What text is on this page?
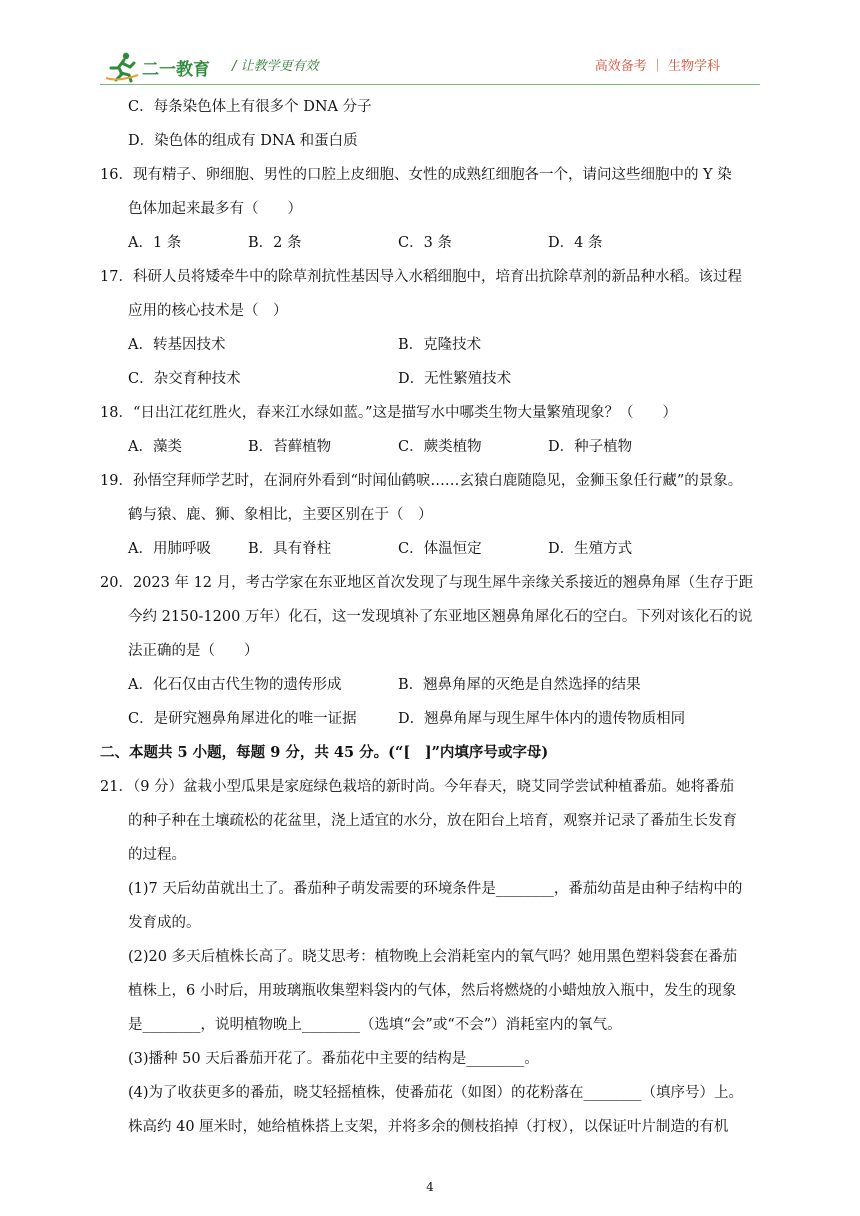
二一教育 / 让教学更有效	高效备考 ｜ 生物学科
C．每条染色体上有很多个 DNA 分子
D．染色体的组成有 DNA 和蛋白质
16．现有精子、卵细胞、男性的口腔上皮细胞、女性的成熟红细胞各一个，请问这些细胞中的 Y 染
色体加起来最多有（　　）
A．1 条	B．2 条	C．3 条	D．4 条
17．科研人员将矮牵牛中的除草剂抗性基因导入水稻细胞中，培育出抗除草剂的新品种水稻。该过程
应用的核心技术是（　）
A．转基因技术	B．克隆技术
C．杂交育种技术	D．无性繁殖技术
18．“日出江花红胜火，春来江水绿如蓝。”这是描写水中哪类生物大量繁殖现象？（　　）
A．藻类	B．苔藓植物	C．蕨类植物	D．种子植物
19．孙悟空拜师学艺时，在洞府外看到“时闻仙鹤唳……玄猿白鹿随隐见，金狮玉象任行藏”的景象。
鹤与猿、鹿、狮、象相比，主要区别在于（　）
A．用肺呼吸	B．具有脊柱	C．体温恒定	D．生殖方式
20．2023 年 12 月，考古学家在东亚地区首次发现了与现生犀牛亲缘关系接近的翘鼻角犀（生存于距
今约 2150-1200 万年）化石，这一发现填补了东亚地区翘鼻角犀化石的空白。下列对该化石的说
法正确的是（　　）
A．化石仅由古代生物的遗传形成	B．翘鼻角犀的灭绝是自然选择的结果
C．是研究翘鼻角犀进化的唯一证据	D．翘鼻角犀与现生犀牛体内的遗传物质相同
二、本题共 5 小题，每题 9 分，共 45 分。(“[　]”内填序号或字母)
21．（9 分）盆栽小型瓜果是家庭绿色栽培的新时尚。今年春天，晓艾同学尝试种植番茄。她将番茄
的种子种在土壤疏松的花盆里，浇上适宜的水分，放在阳台上培育，观察并记录了番茄生长发育
的过程。
(1)7 天后幼苗就出土了。番茄种子萌发需要的环境条件是________，番茄幼苗是由种子结构中的
发育成的。
(2)20 多天后植株长高了。晓艾思考：植物晚上会消耗室内的氧气吗？她用黑色塑料袋套在番茄
植株上，6 小时后，用玻璃瓶收集塑料袋内的气体，然后将燃烧的小蜡烛放入瓶中，发生的现象
是________，说明植物晚上________（选填“会”或“不会”）消耗室内的氧气。
(3)播种 50 天后番茄开花了。番茄花中主要的结构是________。
(4)为了收获更多的番茄，晓艾轻摇植株，使番茄花（如图）的花粉落在________（填序号）上。
株高约 40 厘米时，她给植株搭上支架，并将多余的侧枝掐掉（打杈），以保证叶片制造的有机
4
